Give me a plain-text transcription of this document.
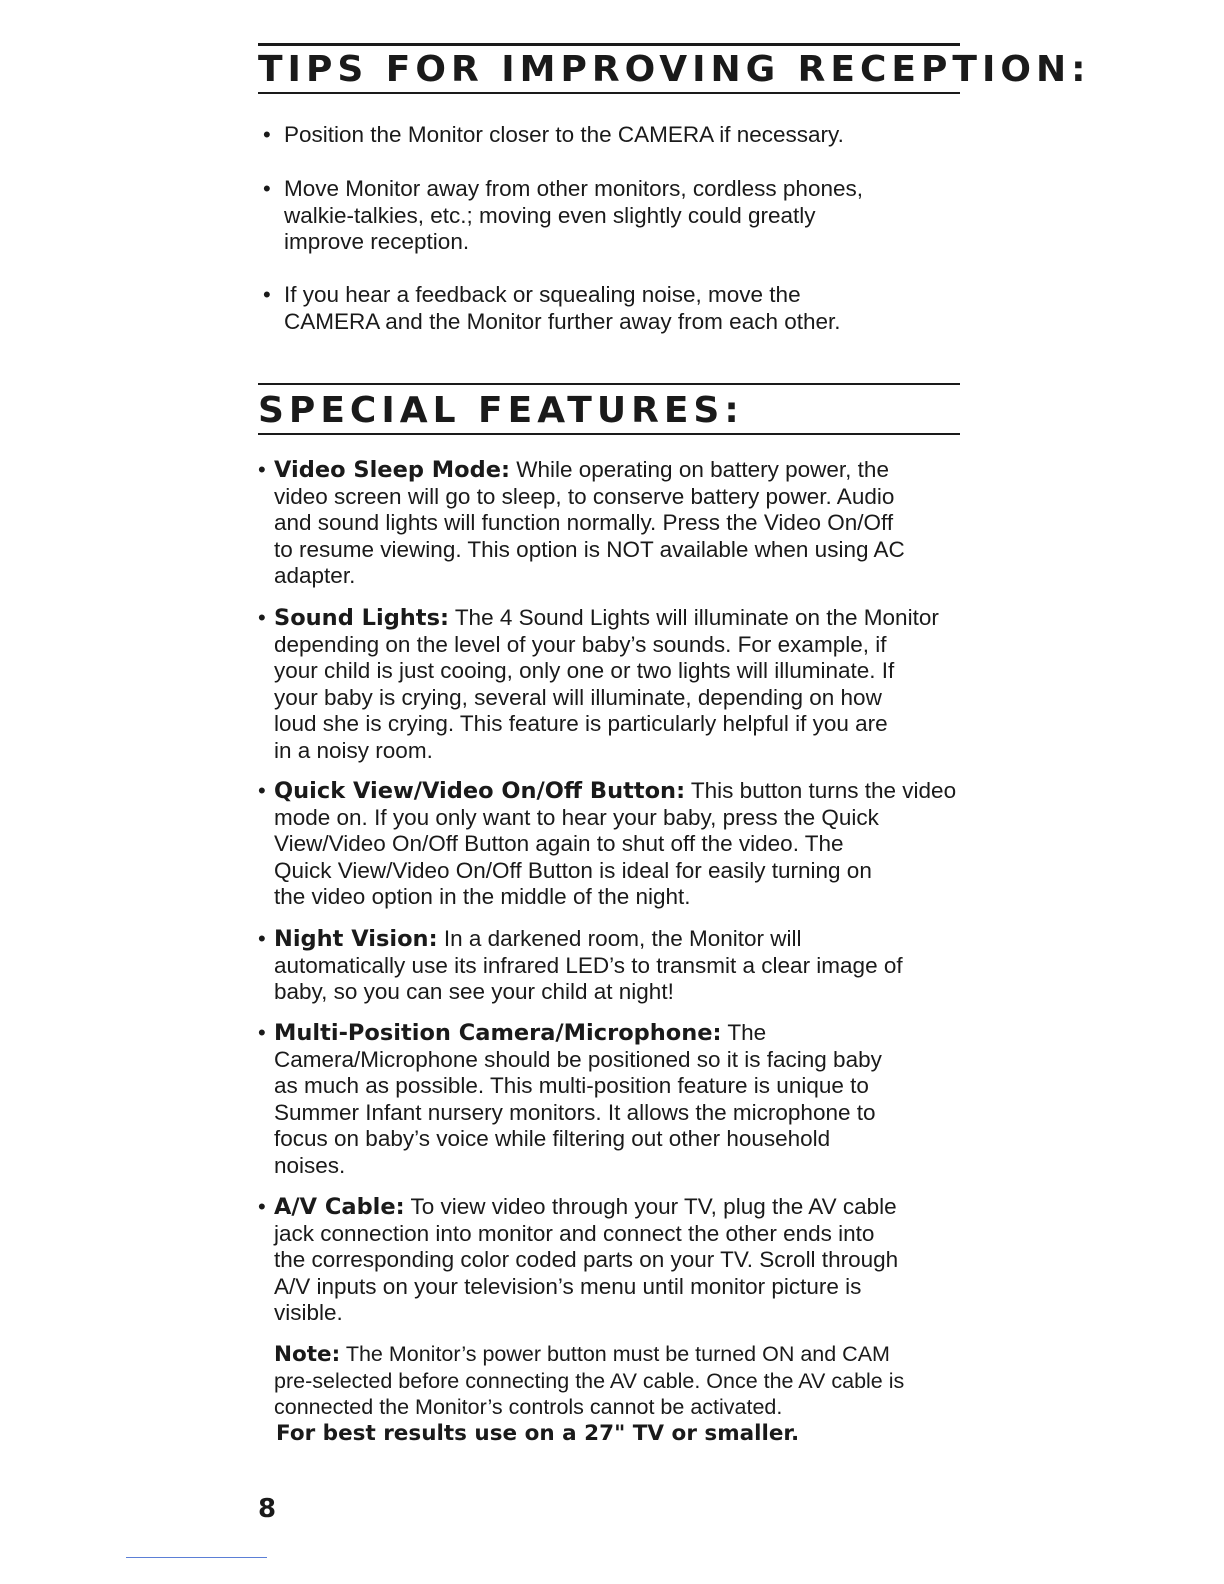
TIPS FOR IMPROVING RECEPTION:
• Position the Monitor closer to the CAMERA if necessary.

• Move Monitor away from other monitors, cordless phones,

walkie-talkies, etc.; moving even slightly could greatly

improve reception.

• If you hear a feedback or squealing noise, move the

CAMERA and the Monitor further away from each other.

SPECIAL FEATURES:
• Video Sleep Mode: While operating on battery power, the

video screen will go to sleep, to conserve battery power. Audio

and sound lights will function normally. Press the Video On/Off

to resume viewing. This option is NOT available when using AC

adapter.

• Sound Lights: The 4 Sound Lights will illuminate on the Monitor

depending on the level of your baby’s sounds. For example, if

your child is just cooing, only one or two lights will illuminate. If

your baby is crying, several will illuminate, depending on how

loud she is crying. This feature is particularly helpful if you are

in a noisy room.

• Quick View/Video On/Off Button: This button turns the video

mode on. If you only want to hear your baby, press the Quick

View/Video On/Off Button again to shut off the video. The

Quick View/Video On/Off Button is ideal for easily turning on

the video option in the middle of the night.

• Night Vision: In a darkened room, the Monitor will

automatically use its infrared LED’s to transmit a clear image of

baby, so you can see your child at night!

• Multi-Position Camera/Microphone: The

Camera/Microphone should be positioned so it is facing baby

as much as possible. This multi-position feature is unique to

Summer Infant nursery monitors. It allows the microphone to

focus on baby’s voice while filtering out other household

noises.

• A/V Cable: To view video through your TV, plug the AV cable

jack connection into monitor and connect the other ends into

the corresponding color coded parts on your TV. Scroll through

A/V inputs on your television’s menu until monitor picture is

visible.

Note: The Monitor’s power button must be turned ON and CAM

pre-selected before connecting the AV cable. Once the AV cable is

connected the Monitor’s controls cannot be activated.

For best results use on a 27" TV or smaller.

8
